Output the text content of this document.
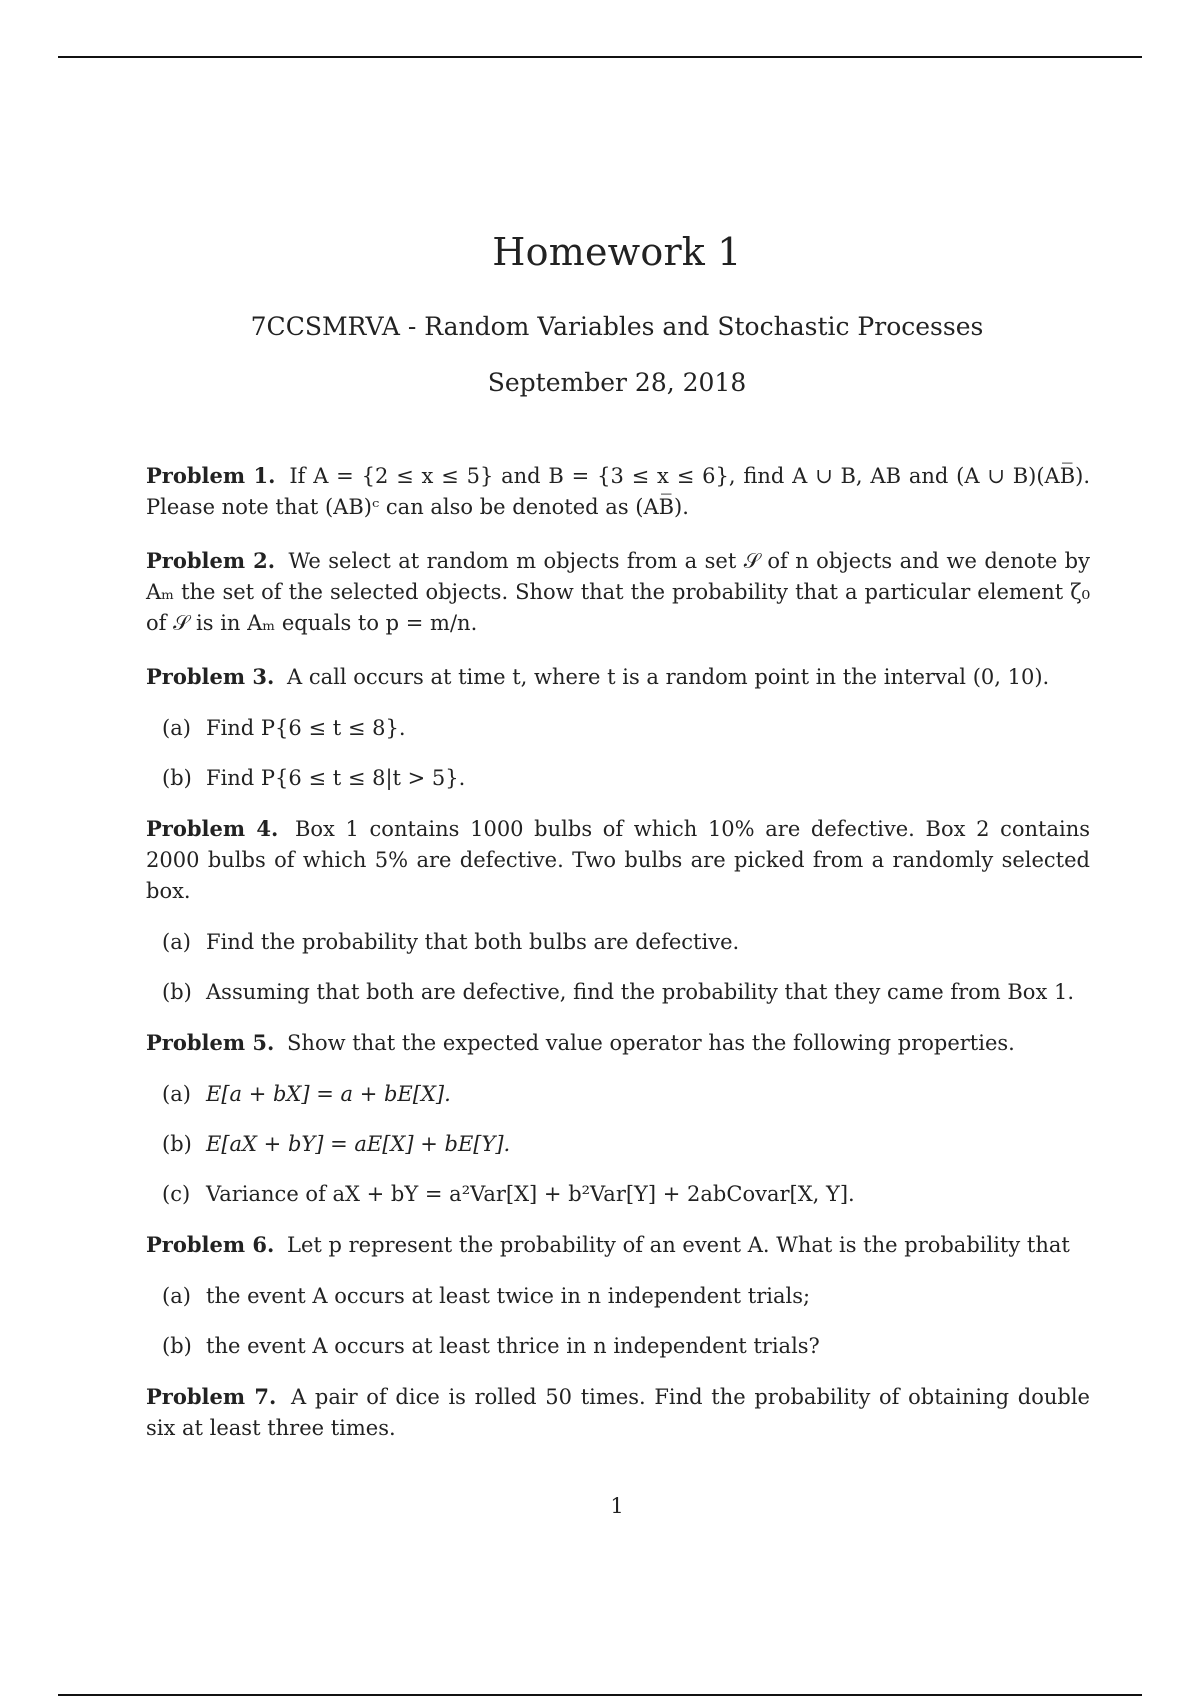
Homework 1
7CCSMRVA - Random Variables and Stochastic Processes
September 28, 2018
Problem 1. If A = {2 ≤ x ≤ 5} and B = {3 ≤ x ≤ 6}, find A ∪ B, AB and (A ∪ B)(AB̅). Please note that (AB)ᶜ can also be denoted as (AB̅).
Problem 2. We select at random m objects from a set 𝒮 of n objects and we denote by Aₘ the set of the selected objects. Show that the probability that a particular element ζ₀ of 𝒮 is in Aₘ equals to p = m/n.
Problem 3. A call occurs at time t, where t is a random point in the interval (0, 10).
(a) Find P{6 ≤ t ≤ 8}.
(b) Find P{6 ≤ t ≤ 8|t > 5}.
Problem 4. Box 1 contains 1000 bulbs of which 10% are defective. Box 2 contains 2000 bulbs of which 5% are defective. Two bulbs are picked from a randomly selected box.
(a) Find the probability that both bulbs are defective.
(b) Assuming that both are defective, find the probability that they came from Box 1.
Problem 5. Show that the expected value operator has the following properties.
(a) E[a + bX] = a + bE[X].
(b) E[aX + bY] = aE[X] + bE[Y].
(c) Variance of aX + bY = a²Var[X] + b²Var[Y] + 2abCovar[X, Y].
Problem 6. Let p represent the probability of an event A. What is the probability that
(a) the event A occurs at least twice in n independent trials;
(b) the event A occurs at least thrice in n independent trials?
Problem 7. A pair of dice is rolled 50 times. Find the probability of obtaining double six at least three times.
1
